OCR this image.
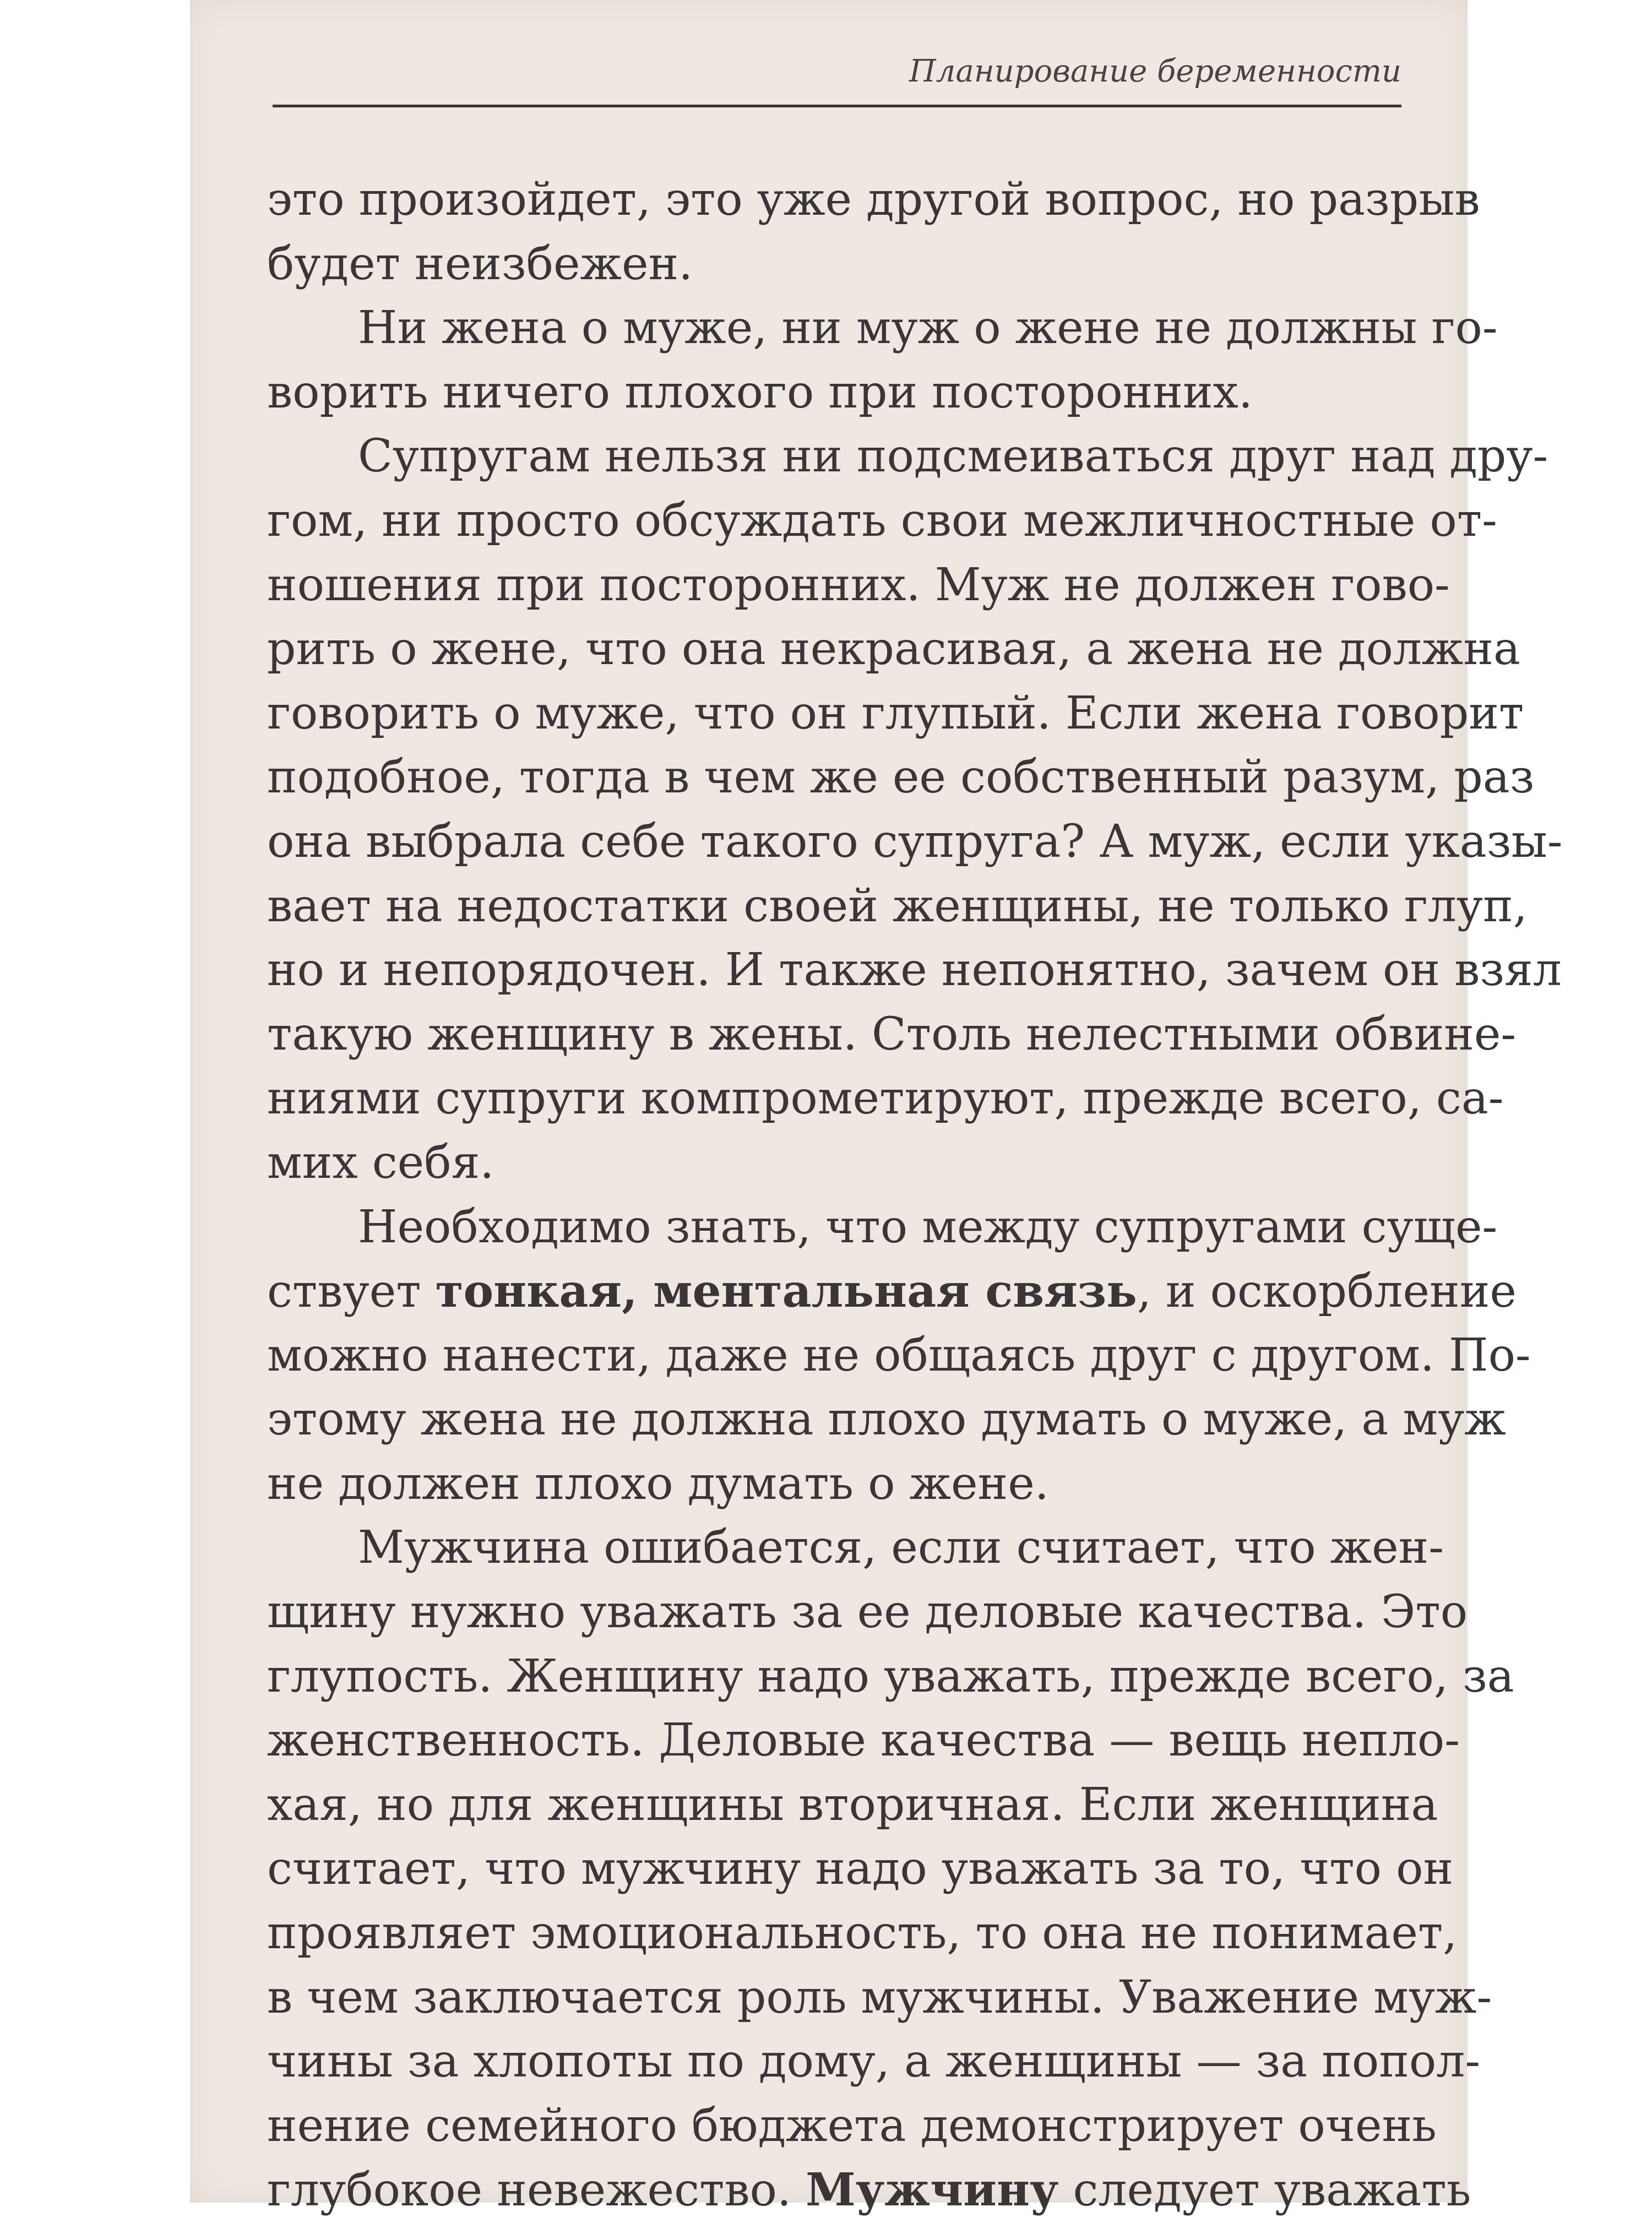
Планирование беременности
это произойдет, это уже другой вопрос, но разрыв
будет неизбежен.
Ни жена о муже, ни муж о жене не должны го-
ворить ничего плохого при посторонних.
Супругам нельзя ни подсмеиваться друг над дру-
гом, ни просто обсуждать свои межличностные от-
ношения при посторонних. Муж не должен гово-
рить о жене, что она некрасивая, а жена не должна
говорить о муже, что он глупый. Если жена говорит
подобное, тогда в чем же ее собственный разум, раз
она выбрала себе такого супруга? А муж, если указы-
вает на недостатки своей женщины, не только глуп,
но и непорядочен. И также непонятно, зачем он взял
такую женщину в жены. Столь нелестными обвине-
ниями супруги компрометируют, прежде всего, са-
мих себя.
Необходимо знать, что между супругами суще-
ствует тонкая, ментальная связь, и оскорбление
можно нанести, даже не общаясь друг с другом. По-
этому жена не должна плохо думать о муже, а муж
не должен плохо думать о жене.
Мужчина ошибается, если считает, что жен-
щину нужно уважать за ее деловые качества. Это
глупость. Женщину надо уважать, прежде всего, за
женственность. Деловые качества — вещь непло-
хая, но для женщины вторичная. Если женщина
считает, что мужчину надо уважать за то, что он
проявляет эмоциональность, то она не понимает,
в чем заключается роль мужчины. Уважение муж-
чины за хлопоты по дому, а женщины — за попол-
нение семейного бюджета демонстрирует очень
глубокое невежество. Мужчину следует уважать
